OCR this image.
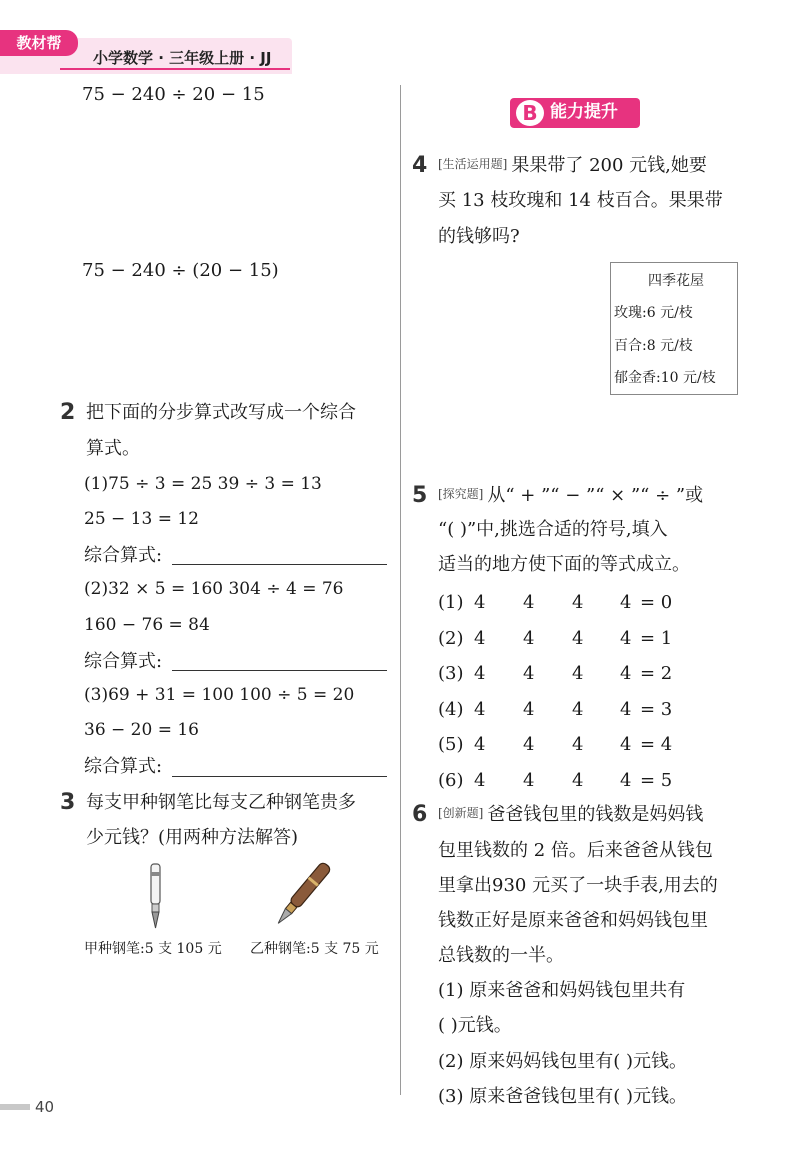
教材帮
小学数学 · 三年级上册 · JJ
75 − 240 ÷ 20 − 15
75 − 240 ÷ (20 − 15)
2 把下面的分步算式改写成一个综合
算式。
(1)75 ÷ 3 = 25 39 ÷ 3 = 13
25 − 13 = 12
综合算式:
(2)32 × 5 = 160 304 ÷ 4 = 76
160 − 76 = 84
综合算式:
(3)69 + 31 = 100 100 ÷ 5 = 20
36 − 20 = 16
综合算式:
3 每支甲种钢笔比每支乙种钢笔贵多
少元钱？(用两种方法解答)
甲种钢笔:5 支 105 元 乙种钢笔:5 支 75 元
B 能力提升
4 [生活运用题] 果果带了 200 元钱,她要
买 13 枝玫瑰和 14 枝百合。果果带
的钱够吗?
四季花屋
玫瑰:6 元/枝
百合:8 元/枝
郁金香:10 元/枝
5 [探究题] 从“ + ”“ − ”“ × ”“ ÷ ”或
“( )”中,挑选合适的符号,填入
适当的地方使下面的等式成立。
(1) 4 4 4 4 = 0
(2) 4 4 4 4 = 1
(3) 4 4 4 4 = 2
(4) 4 4 4 4 = 3
(5) 4 4 4 4 = 4
(6) 4 4 4 4 = 5
6 [创新题] 爸爸钱包里的钱数是妈妈钱
包里钱数的 2 倍。后来爸爸从钱包
里拿出930 元买了一块手表,用去的
钱数正好是原来爸爸和妈妈钱包里
总钱数的一半。
(1) 原来爸爸和妈妈钱包里共有
( )元钱。
(2) 原来妈妈钱包里有( )元钱。
(3) 原来爸爸钱包里有( )元钱。
40
